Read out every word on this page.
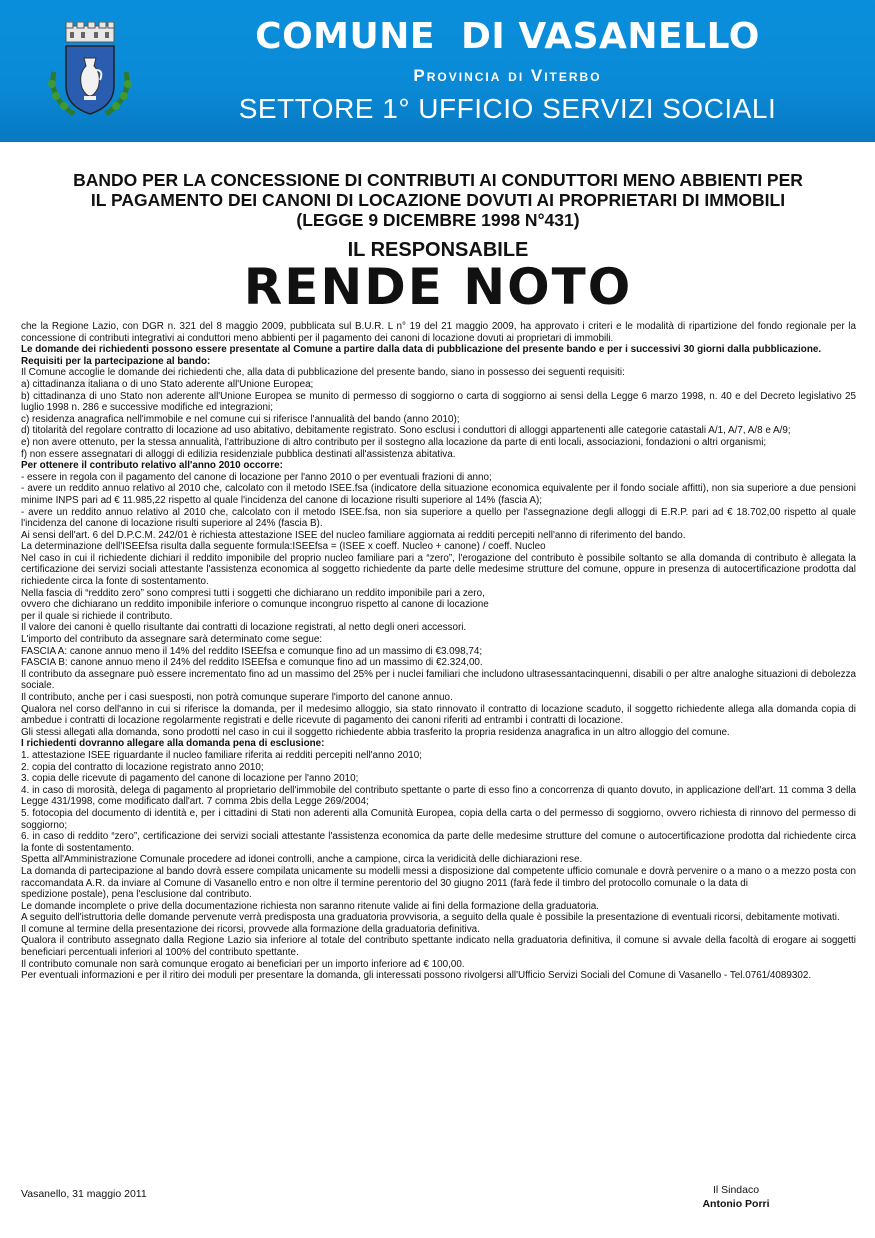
COMUNE  DI VASANELLO
Provincia di Viterbo
SETTORE 1° UFFICIO SERVIZI SOCIALI
BANDO PER LA CONCESSIONE DI CONTRIBUTI AI CONDUTTORI MENO ABBIENTI PER
IL PAGAMENTO DEI CANONI DI LOCAZIONE DOVUTI AI PROPRIETARI DI IMMOBILI
(LEGGE 9 DICEMBRE 1998 N°431)
IL RESPONSABILE
RENDE NOTO

che la Regione Lazio, con DGR n. 321 del 8 maggio 2009, pubblicata sul B.U.R. L n° 19 del 21 maggio 2009, ha approvato i criteri e le modalità di ripartizione del fondo regionale per la concessione di contributi integrativi ai conduttori meno abbienti per il pagamento dei canoni di locazione dovuti ai proprietari di immobili.

Le domande dei richiedenti possono essere presentate al Comune a partire dalla data di pubblicazione del presente bando e per i successivi 30 giorni dalla pubblicazione.

Requisiti per la partecipazione al bando:

Il Comune accoglie le domande dei richiedenti che, alla data di pubblicazione del presente bando, siano in possesso dei seguenti requisiti:

a) cittadinanza italiana o di uno Stato aderente all'Unione Europea;

b) cittadinanza di uno Stato non aderente all'Unione Europea se munito di permesso di soggiorno o carta di soggiorno ai sensi della Legge 6 marzo 1998, n. 40 e del Decreto legislativo 25 luglio 1998 n. 286 e successive modifiche ed integrazioni;

c) residenza anagrafica nell'immobile e nel comune cui si riferisce l'annualità del bando (anno 2010);

d) titolarità del regolare contratto di locazione ad uso abitativo, debitamente registrato. Sono esclusi i conduttori di alloggi appartenenti alle categorie catastali A/1, A/7, A/8 e A/9;

e) non avere ottenuto, per la stessa annualità, l'attribuzione di altro contributo per il sostegno alla locazione da parte di enti locali, associazioni, fondazioni o altri organismi;

f) non essere assegnatari di alloggi di edilizia residenziale pubblica destinati all'assistenza abitativa.

Per ottenere il contributo relativo all'anno 2010 occorre:

- essere in regola con il pagamento del canone di locazione per l'anno 2010 o per eventuali frazioni di anno;

- avere un reddito annuo relativo al 2010 che, calcolato con il metodo ISEE.fsa (indicatore della situazione economica equivalente per il fondo sociale affitti), non sia superiore a due pensioni minime INPS pari ad € 11.985,22 rispetto al quale l'incidenza del canone di locazione risulti superiore al 14% (fascia A);

- avere un reddito annuo relativo al 2010 che, calcolato con il metodo ISEE.fsa, non sia superiore a quello per l'assegnazione degli alloggi di E.R.P. pari ad € 18.702,00 rispetto al quale l'incidenza del canone di locazione risulti superiore al 24% (fascia B).

Ai sensi dell'art. 6 del D.P.C.M. 242/01 è richiesta attestazione ISEE del nucleo familiare aggiornata ai redditi percepiti nell'anno di riferimento del bando.

La determinazione dell'ISEEfsa risulta dalla seguente formula:ISEEfsa = (ISEE x coeff. Nucleo + canone) / coeff. Nucleo

Nel caso in cui il richiedente dichiari il reddito imponibile del proprio nucleo familiare pari a “zero”, l'erogazione del contributo è possibile soltanto se alla domanda di contributo è allegata la certificazione dei servizi sociali attestante l'assistenza economica al soggetto richiedente da parte delle medesime strutture del comune, oppure in presenza di autocertificazione prodotta dal richiedente circa la fonte di sostentamento.

Nella fascia di “reddito zero” sono compresi tutti i soggetti che dichiarano un reddito imponibile pari a zero,

ovvero che dichiarano un reddito imponibile inferiore o comunque incongruo rispetto al canone di locazione

per il quale si richiede il contributo.

Il valore dei canoni è quello risultante dai contratti di locazione registrati, al netto degli oneri accessori.

L'importo del contributo da assegnare sarà determinato come segue:

FASCIA A: canone annuo meno il 14% del reddito ISEEfsa e comunque fino ad un massimo di €3.098,74;

FASCIA B: canone annuo meno il 24% del reddito ISEEfsa e comunque fino ad un massimo di €2.324,00.

Il contributo da assegnare può essere incrementato fino ad un massimo del 25% per i nuclei familiari che includono ultrasessantacinquenni, disabili o per altre analoghe situazioni di debolezza sociale.

Il contributo, anche per i casi suesposti, non potrà comunque superare l'importo del canone annuo.

Qualora nel corso dell'anno in cui si riferisce la domanda, per il medesimo alloggio, sia stato rinnovato il contratto di locazione scaduto, il soggetto richiedente allega alla domanda copia di ambedue i contratti di locazione regolarmente registrati e delle ricevute di pagamento dei canoni riferiti ad entrambi i contratti di locazione.

Gli stessi allegati alla domanda, sono prodotti nel caso in cui il soggetto richiedente abbia trasferito la propria residenza anagrafica in un altro alloggio del comune.

I richiedenti dovranno allegare alla domanda pena di esclusione:

1. attestazione ISEE riguardante il nucleo familiare riferita ai redditi percepiti nell'anno 2010;

2. copia del contratto di locazione registrato anno 2010;

3. copia delle ricevute di pagamento del canone di locazione per l'anno 2010;

4. in caso di morosità, delega di pagamento al proprietario dell'immobile del contributo spettante o parte di esso fino a concorrenza di quanto dovuto, in applicazione dell'art. 11 comma 3 della Legge 431/1998, come modificato dall'art. 7 comma 2bis della Legge 269/2004;

5. fotocopia del documento di identità e, per i cittadini di Stati non aderenti alla Comunità Europea, copia della carta o del permesso di soggiorno, ovvero richiesta di rinnovo del permesso di soggiorno;

6. in caso di reddito “zero”, certificazione dei servizi sociali attestante l'assistenza economica da parte delle medesime strutture del comune o autocertificazione prodotta dal richiedente circa la fonte di sostentamento.

Spetta all'Amministrazione Comunale procedere ad idonei controlli, anche a campione, circa la veridicità delle dichiarazioni rese.

La domanda di partecipazione al bando dovrà essere compilata unicamente su modelli messi a disposizione dal competente ufficio comunale e dovrà pervenire o a mano o a mezzo posta con raccomandata A.R. da inviare al Comune di Vasanello entro e non oltre il termine perentorio del 30 giugno 2011 (farà fede il timbro del protocollo comunale o la data di

spedizione postale), pena l'esclusione dal contributo.

Le domande incomplete o prive della documentazione richiesta non saranno ritenute valide ai fini della formazione della graduatoria.

A seguito dell'istruttoria delle domande pervenute verrà predisposta una graduatoria provvisoria, a seguito della quale è possibile la presentazione di eventuali ricorsi, debitamente motivati.

Il comune al termine della presentazione dei ricorsi, provvede alla formazione della graduatoria definitiva.

Qualora il contributo assegnato dalla Regione Lazio sia inferiore al totale del contributo spettante indicato nella graduatoria definitiva, il comune si avvale della facoltà di erogare ai soggetti beneficiari percentuali inferiori al 100% del contributo spettante.

Il contributo comunale non sarà comunque erogato ai beneficiari per un importo inferiore ad € 100,00.

Per eventuali informazioni e per il ritiro dei moduli per presentare la domanda, gli interessati possono rivolgersi all'Ufficio Servizi Sociali del Comune di Vasanello - Tel.0761/4089302.

Vasanello, 31 maggio 2011	Il Sindaco
Antonio Porri
